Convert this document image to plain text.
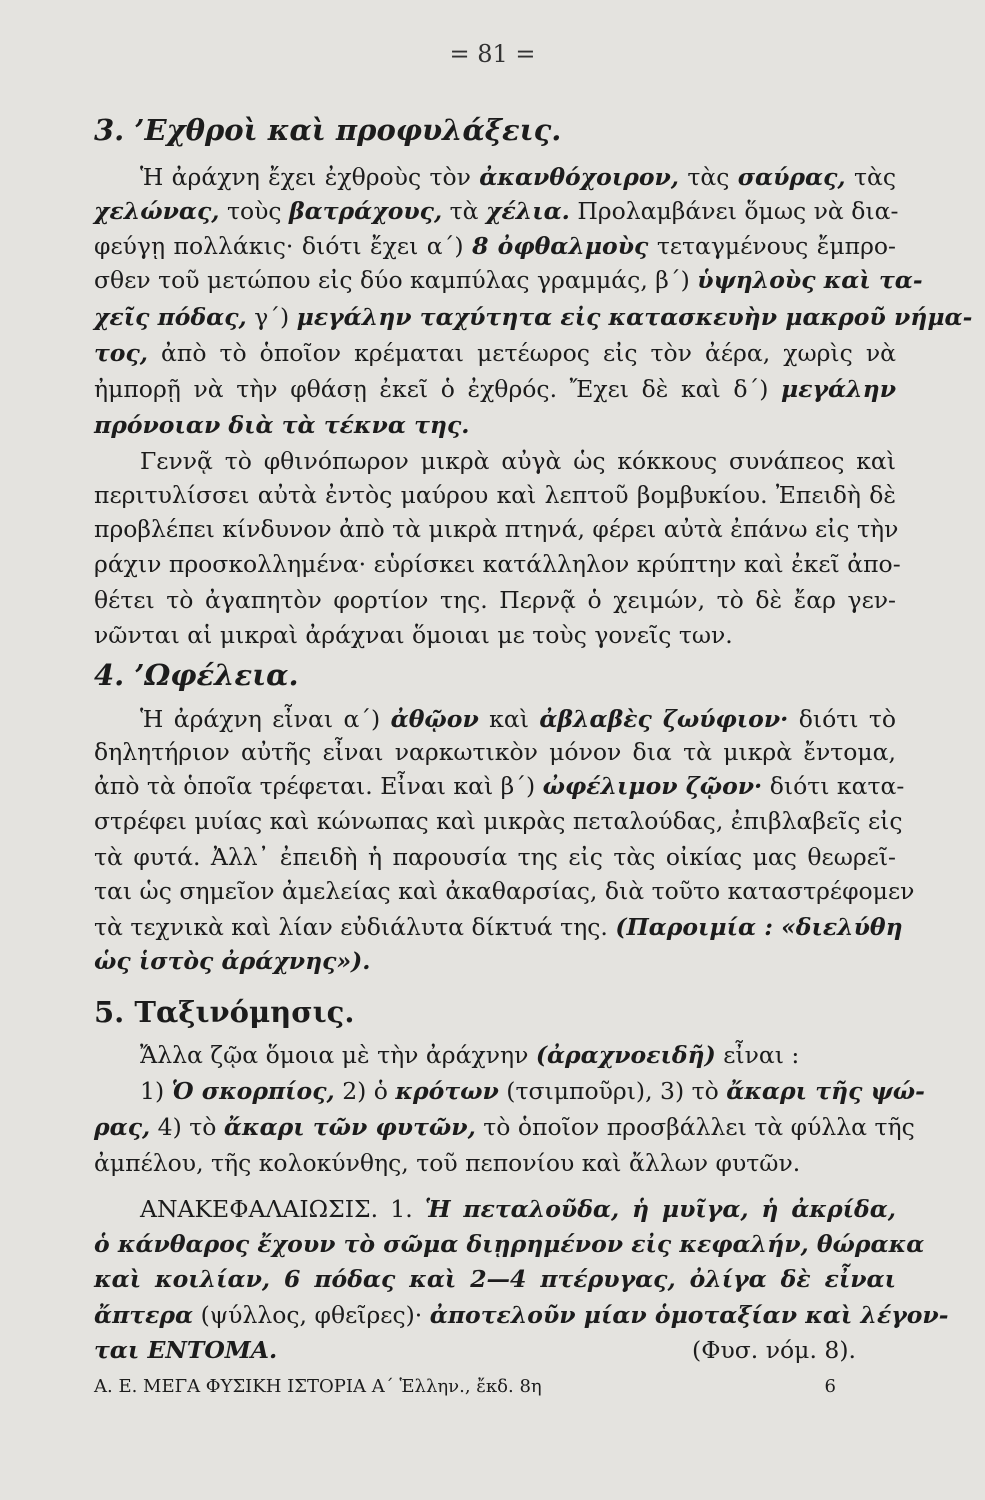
= 81 =
3. ’Εχθροὶ καὶ προφυλάξεις.
Ἡ ἀράχνη ἔχει ἐχθροὺς τὸν ἀκανθόχοιρον, τὰς σαύρας, τὰς
χελώνας, τοὺς βατράχους, τὰ χέλια. Προλαμβάνει ὅμως νὰ δια-
φεύγῃ πολλάκις· διότι ἔχει α΄) 8 ὀφθαλμοὺς τεταγμένους ἔμπρο-
σθεν τοῦ μετώπου εἰς δύο καμπύλας γραμμάς, β΄) ὑψηλοὺς καὶ τα-
χεῖς πόδας, γ΄) μεγάλην ταχύτητα εἰς κατασκευὴν μακροῦ νήμα-
τος, ἀπὸ τὸ ὁποῖον κρέμαται μετέωρος εἰς τὸν ἀέρα, χωρὶς νὰ
ἠμπορῇ νὰ τὴν φθάσῃ ἐκεῖ ὁ ἐχθρός. Ἔχει δὲ καὶ δ΄) μεγάλην
πρόνοιαν διὰ τὰ τέκνα της.
Γεννᾷ τὸ φθινόπωρον μικρὰ αὐγὰ ὡς κόκκους συνάπεος καὶ
περιτυλίσσει αὐτὰ ἐντὸς μαύρου καὶ λεπτοῦ βομβυκίου. Ἐπειδὴ δὲ
προβλέπει κίνδυνον ἀπὸ τὰ μικρὰ πτηνά, φέρει αὐτὰ ἐπάνω εἰς τὴν
ράχιν προσκολλημένα· εὑρίσκει κατάλληλον κρύπτην καὶ ἐκεῖ ἀπο-
θέτει τὸ ἀγαπητὸν φορτίον της. Περνᾷ ὁ χειμών, τὸ δὲ ἔαρ γεν-
νῶνται αἱ μικραὶ ἀράχναι ὅμοιαι με τοὺς γονεῖς των.
4. ’Ωφέλεια.
Ἡ ἀράχνη εἶναι α΄) ἀθῷον καὶ ἀβλαβὲς ζωύφιον· διότι τὸ
δηλητήριον αὐτῆς εἶναι ναρκωτικὸν μόνον δια τὰ μικρὰ ἔντομα,
ἀπὸ τὰ ὁποῖα τρέφεται. Εἶναι καὶ β΄) ὠφέλιμον ζῷον· διότι κατα-
στρέφει μυίας καὶ κώνωπας καὶ μικρὰς πεταλούδας, ἐπιβλαβεῖς εἰς
τὰ φυτά. Ἀλλ᾽ ἐπειδὴ ἡ παρουσία της εἰς τὰς οἰκίας μας θεωρεῖ-
ται ὡς σημεῖον ἀμελείας καὶ ἀκαθαρσίας, διὰ τοῦτο καταστρέφομεν
τὰ τεχνικὰ καὶ λίαν εὐδιάλυτα δίκτυά της. (Παροιμία : «διελύθη
ὡς ἱστὸς ἀράχνης»).
5. Ταξινόμησις.
Ἄλλα ζῷα ὅμοια μὲ τὴν ἀράχνην (ἀραχνοειδῆ) εἶναι :
1) Ὁ σκορπίος, 2) ὁ κρότων (τσιμποῦρι), 3) τὸ ἄκαρι τῆς ψώ-
ρας, 4) τὸ ἄκαρι τῶν φυτῶν, τὸ ὁποῖον προσβάλλει τὰ φύλλα τῆς
ἀμπέλου, τῆς κολοκύνθης, τοῦ πεπονίου καὶ ἄλλων φυτῶν.
ΑΝΑΚΕΦΑΛΑΙΩΣΙΣ. 1. Ἡ πεταλοῦδα, ἡ μυῖγα, ἡ ἀκρίδα,
ὁ κάνθαρος ἔχουν τὸ σῶμα διῃρημένον εἰς κεφαλήν, θώρακα
καὶ κοιλίαν, 6 πόδας καὶ 2—4 πτέρυγας, ὀλίγα δὲ εἶναι
ἄπτερα (ψύλλος, φθεῖρες)· ἀποτελοῦν μίαν ὁμοταξίαν καὶ λέγον-
ται ΕΝΤΟΜΑ.	(Φυσ. νόμ. 8).
Α. Ε. ΜΕΓΑ ΦΥΣΙΚΗ ΙΣΤΟΡΙΑ Α΄ Ἑλλην., ἔκδ. 8η	6
